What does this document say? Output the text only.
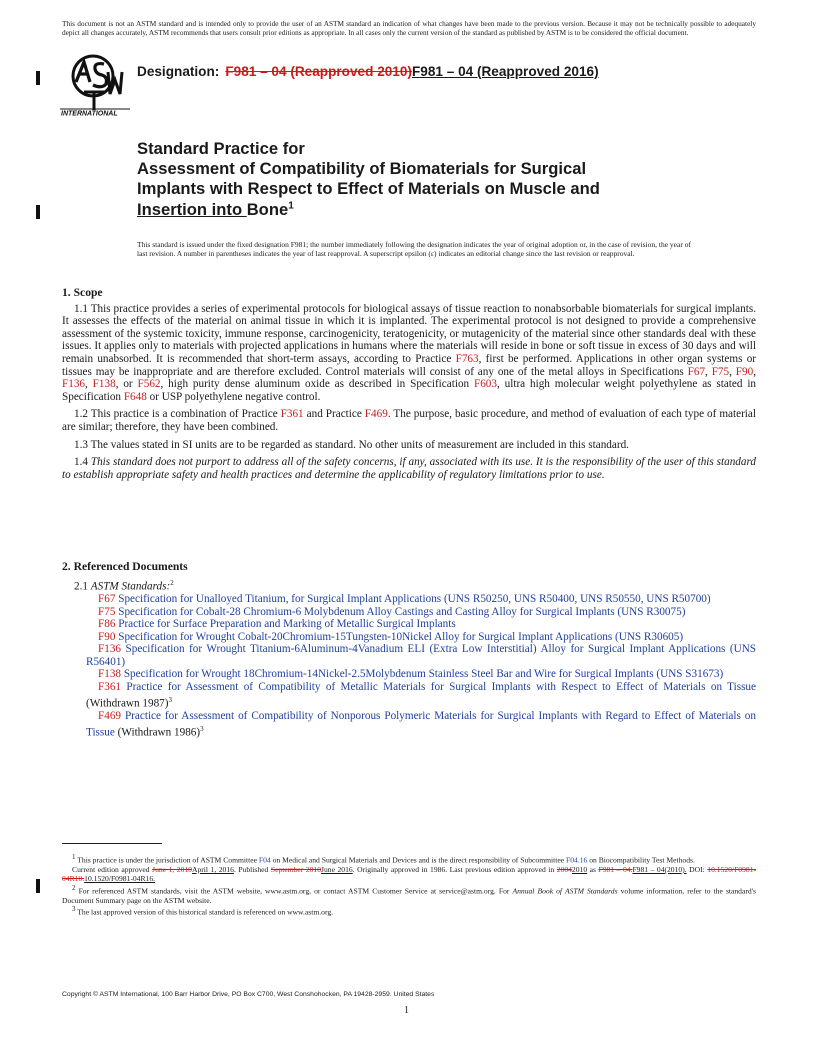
This document is not an ASTM standard and is intended only to provide the user of an ASTM standard an indication of what changes have been made to the previous version. Because it may not be technically possible to adequately depict all changes accurately, ASTM recommends that users consult prior editions as appropriate. In all cases only the current version of the standard as published by ASTM is to be considered the official document.
INTERNATIONAL
Designation: F981 – 04 (Reapproved 2010)F981 – 04 (Reapproved 2016)
Standard Practice for
Assessment of Compatibility of Biomaterials for Surgical
Implants with Respect to Effect of Materials on Muscle and
Insertion into Bone$^1$
This standard is issued under the fixed designation F981; the number immediately following the designation indicates the year of original adoption or, in the case of revision, the year of last revision. A number in parentheses indicates the year of last reapproval. A superscript epsilon (ε) indicates an editorial change since the last revision or reapproval.
1. Scope

1.1 This practice provides a series of experimental protocols for biological assays of tissue reaction to nonabsorbable biomaterials for surgical implants. It assesses the effects of the material on animal tissue in which it is implanted. The experimental protocol is not designed to provide a comprehensive assessment of the systemic toxicity, immune response, carcinogenicity, teratogenicity, or mutagenicity of the material since other standards deal with these issues. It applies only to materials with projected applications in humans where the materials will reside in bone or soft tissue in excess of 30 days and will remain unabsorbed. It is recommended that short-term assays, according to Practice F763, first be performed. Applications in other organ systems or tissues may be inappropriate and are therefore excluded. Control materials will consist of any one of the metal alloys in Specifications F67, F75, F90, F136, F138, or F562, high purity dense aluminum oxide as described in Specification F603, ultra high molecular weight polyethylene as stated in Specification F648 or USP polyethylene negative control.

1.2 This practice is a combination of Practice F361 and Practice F469. The purpose, basic procedure, and method of evaluation of each type of material are similar; therefore, they have been combined.

1.3 The values stated in SI units are to be regarded as standard. No other units of measurement are included in this standard.

1.4 This standard does not purport to address all of the safety concerns, if any, associated with its use. It is the responsibility of the user of this standard to establish appropriate safety and health practices and determine the applicability of regulatory limitations prior to use.

2. Referenced Documents
2.1 ASTM Standards:$^2$

F67 Specification for Unalloyed Titanium, for Surgical Implant Applications (UNS R50250, UNS R50400, UNS R50550, UNS R50700)

F75 Specification for Cobalt-28 Chromium-6 Molybdenum Alloy Castings and Casting Alloy for Surgical Implants (UNS R30075)

F86 Practice for Surface Preparation and Marking of Metallic Surgical Implants

F90 Specification for Wrought Cobalt-20Chromium-15Tungsten-10Nickel Alloy for Surgical Implant Applications (UNS R30605)

F136 Specification for Wrought Titanium-6Aluminum-4Vanadium ELI (Extra Low Interstitial) Alloy for Surgical Implant Applications (UNS R56401)

F138 Specification for Wrought 18Chromium-14Nickel-2.5Molybdenum Stainless Steel Bar and Wire for Surgical Implants (UNS S31673)

F361 Practice for Assessment of Compatibility of Metallic Materials for Surgical Implants with Respect to Effect of Materials on Tissue (Withdrawn 1987)$^3$

F469 Practice for Assessment of Compatibility of Nonporous Polymeric Materials for Surgical Implants with Regard to Effect of Materials on Tissue (Withdrawn 1986)$^3$

$^1$ This practice is under the jurisdiction of ASTM Committee F04 on Medical and Surgical Materials and Devices and is the direct responsibility of Subcommittee F04.16 on Biocompatibility Test Methods.

Current edition approved June 1, 2010April 1, 2016. Published September 2010June 2016. Originally approved in 1986. Last previous edition approved in 20042010 as F981 – 04.F981 – 04(2010). DOI: 10.1520/F0981-04R10.10.1520/F0981-04R16.

$^2$ For referenced ASTM standards, visit the ASTM website, www.astm.org, or contact ASTM Customer Service at service@astm.org. For Annual Book of ASTM Standards volume information, refer to the standard's Document Summary page on the ASTM website.

$^3$ The last approved version of this historical standard is referenced on www.astm.org.

Copyright © ASTM International, 100 Barr Harbor Drive, PO Box C700, West Conshohocken, PA 19428-2959. United States
1
